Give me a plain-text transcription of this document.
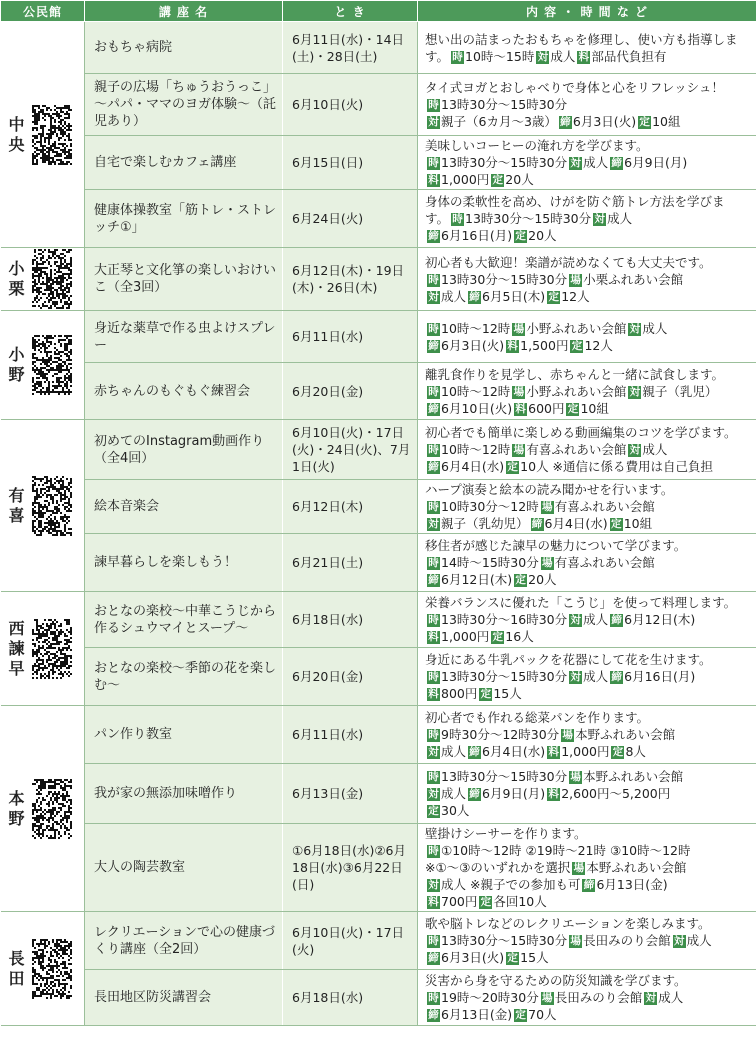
公民館	講 座 名	と き	内 容 ・ 時 間 な ど

中央	おもちゃ病院	6月11日(水)・14日(土)・28日(土)	想い出の詰まったおもちゃを修理し、使い方も指導しま
す。 時 10時～15時 対 成人 料 部品代負担有

	親子の広場「ちゅうおうっこ」～パパ・ママのヨガ体験～（託児あり）	6月10日(火)	タイ式ヨガとおしゃべりで身体と心をリフレッシュ！
時 13時30分～15時30分
対 親子（6カ月～3歳） 締 6月3日(火) 定 10組

	自宅で楽しむカフェ講座	6月15日(日)	美味しいコーヒーの淹れ方を学びます。
時 13時30分～15時30分 対 成人 締 6月9日(月)
料 1,000円 定 20人

	健康体操教室「筋トレ・ストレッチ①」	6月24日(火)	身体の柔軟性を高め、けがを防ぐ筋トレ方法を学びま
す。 時 13時30分～15時30分 対 成人
締 6月16日(月) 定 20人

小栗	大正琴と文化箏の楽しいおけいこ（全3回）	6月12日(木)・19日(木)・26日(木)	初心者も大歓迎！楽譜が読めなくても大丈夫です。
時 13時30分～15時30分 場 小栗ふれあい会館
対 成人 締 6月5日(木) 定 12人

小野	身近な薬草で作る虫よけスプレー	6月11日(水)	時 10時～12時 場 小野ふれあい会館 対 成人
締 6月3日(火) 料 1,500円 定 12人

	赤ちゃんのもぐもぐ練習会	6月20日(金)	離乳食作りを見学し、赤ちゃんと一緒に試食します。
時 10時～12時 場 小野ふれあい会館 対 親子（乳児）
締 6月10日(火) 料 600円 定 10組

有喜	初めてのInstagram動画作り（全4回）	6月10日(火)・17日(火)・24日(火)、7月1日(火)	初心者でも簡単に楽しめる動画編集のコツを学びます。
時 10時～12時 場 有喜ふれあい会館 対 成人
締 6月4日(水) 定 10人 ※通信に係る費用は自己負担

	絵本音楽会	6月12日(木)	ハープ演奏と絵本の読み聞かせを行います。
時 10時30分～12時 場 有喜ふれあい会館
対 親子（乳幼児） 締 6月4日(水) 定 10組

	諫早暮らしを楽しもう！	6月21日(土)	移住者が感じた諫早の魅力について学びます。
時 14時～15時30分 場 有喜ふれあい会館
締 6月12日(木) 定 20人

西諫早	おとなの楽校～中華こうじから作るシュウマイとスープ～	6月18日(水)	栄養バランスに優れた「こうじ」を使って料理します。
時 13時30分～16時30分 対 成人 締 6月12日(木)
料 1,000円 定 16人

	おとなの楽校～季節の花を楽しむ～	6月20日(金)	身近にある牛乳パックを花器にして花を生けます。
時 13時30分～15時30分 対 成人 締 6月16日(月)
料 800円 定 15人

本野	パン作り教室	6月11日(水)	初心者でも作れる総菜パンを作ります。
時 9時30分～12時30分 場 本野ふれあい会館
対 成人 締 6月4日(水) 料 1,000円 定 8人

	我が家の無添加味噌作り	6月13日(金)	時 13時30分～15時30分 場 本野ふれあい会館
対 成人 締 6月9日(月) 料 2,600円～5,200円
定 30人

	大人の陶芸教室	①6月18日(水)②6月18日(水)③6月22日(日)	壁掛けシーサーを作ります。
時 ①10時～12時 ②19時～21時 ③10時～12時
※①～③のいずれかを選択 場 本野ふれあい会館
対 成人 ※親子での参加も可 締 6月13日(金)
料 700円 定 各回10人

長田	レクリエーションで心の健康づくり講座（全2回）	6月10日(火)・17日(火)	歌や脳トレなどのレクリエーションを楽しみます。
時 13時30分～15時30分 場 長田みのり会館 対 成人
締 6月3日(火) 定 15人

	長田地区防災講習会	6月18日(水)	災害から身を守るための防災知識を学びます。
時 19時～20時30分 場 長田みのり会館 対 成人
締 6月13日(金) 定 70人
